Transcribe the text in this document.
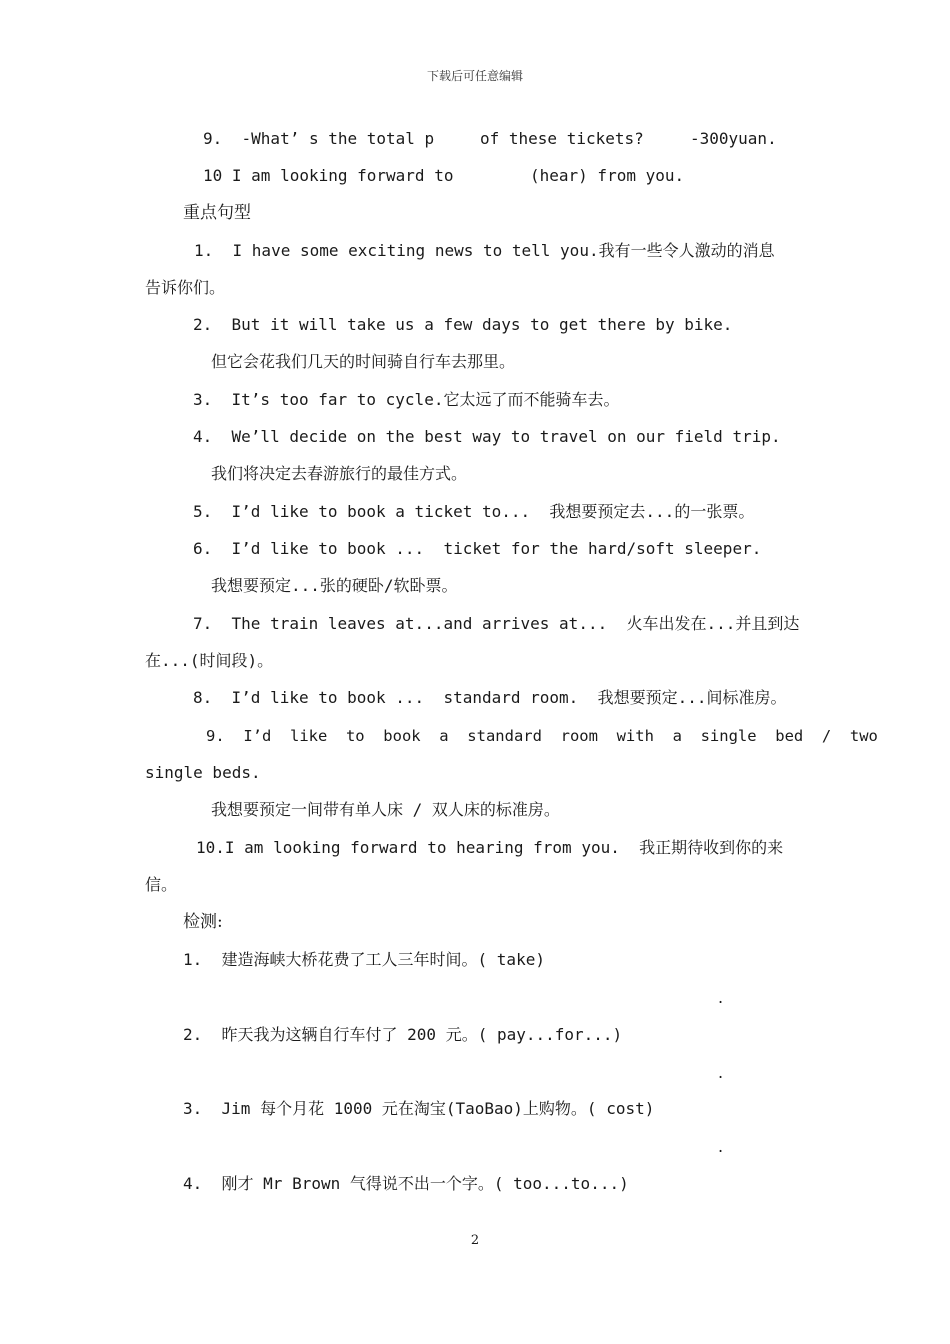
下载后可任意编辑
9.  -What’ s the total p	of these tickets?	-300yuan.
10 I am looking forward to	(hear) from you.
重点句型
1.  I have some exciting news to tell you.我有一些令人激动的消息
告诉你们。
2.  But it will take us a few days to get there by bike.
但它会花我们几天的时间骑自行车去那里。
3.  It’s too far to cycle.它太远了而不能骑车去。
4.  We’ll decide on the best way to travel on our field trip.
我们将决定去春游旅行的最佳方式。
5.  I’d like to book a ticket to...  我想要预定去...的一张票。
6.  I’d like to book ...  ticket for the hard/soft sleeper.
我想要预定...张的硬卧/软卧票。
7.  The train leaves at...and arrives at...  火车出发在...并且到达
在...(时间段)。
8.  I’d like to book ...  standard room.  我想要预定...间标准房。
9.  I’d  like  to  book  a  standard  room  with  a  single  bed  /  two
single beds.
我想要预定一间带有单人床 / 双人床的标准房。
10.I am looking forward to hearing from you.  我正期待收到你的来
信。
检测:
1.  建造海峡大桥花费了工人三年时间。( take)
.
2.  昨天我为这辆自行车付了 200 元。( pay...for...)
.
3.  Jim 每个月花 1000 元在淘宝(TaoBao)上购物。( cost)
.
4.  刚才 Mr Brown 气得说不出一个字。( too...to...)
2
